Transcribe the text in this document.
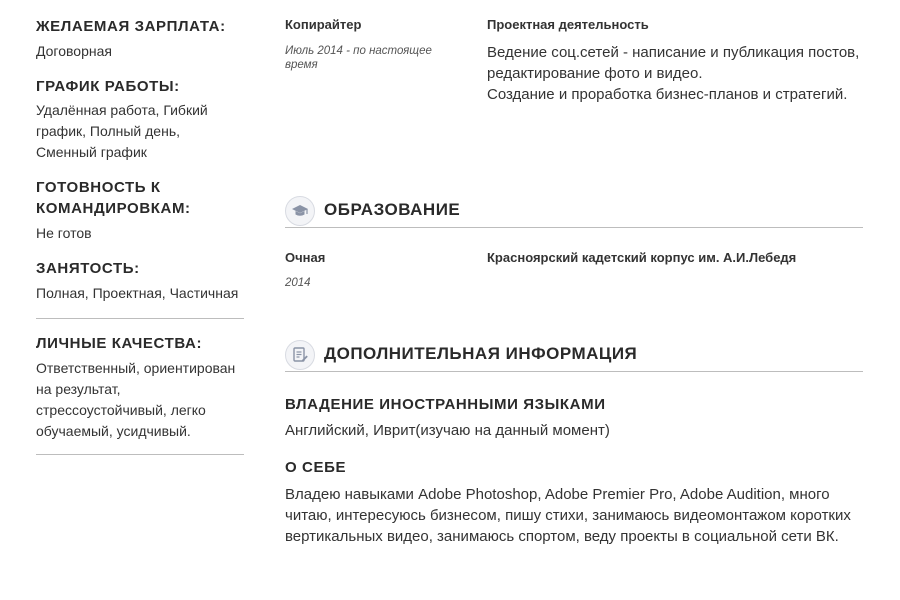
ЖЕЛАЕМАЯ ЗАРПЛАТА:
Договорная
ГРАФИК РАБОТЫ:
Удалённая работа, Гибкий график, Полный день, Сменный график
ГОТОВНОСТЬ К КОМАНДИРОВКАМ:
Не готов
ЗАНЯТОСТЬ:
Полная, Проектная, Частичная
ЛИЧНЫЕ КАЧЕСТВА:
Ответственный, ориентирован на результат, стрессоустойчивый, легко обучаемый, усидчивый.
Копирайтер
Июль 2014 - по настоящее время
Проектная деятельность
Ведение соц.сетей - написание и публикация постов, редактирование фото и видео.
Создание и проработка бизнес-планов и стратегий.
ОБРАЗОВАНИЕ
Очная
2014
Красноярский кадетский корпус им. А.И.Лебедя
ДОПОЛНИТЕЛЬНАЯ ИНФОРМАЦИЯ
ВЛАДЕНИЕ ИНОСТРАННЫМИ ЯЗЫКАМИ
Английский, Иврит(изучаю на данный момент)
О СЕБЕ
Владею навыками Adobe Photoshop, Adobe Premier Pro, Adobe Audition, много читаю, интересуюсь бизнесом, пишу стихи, занимаюсь видеомонтажом коротких вертикальных видео, занимаюсь спортом, веду проекты в социальной сети ВК.
